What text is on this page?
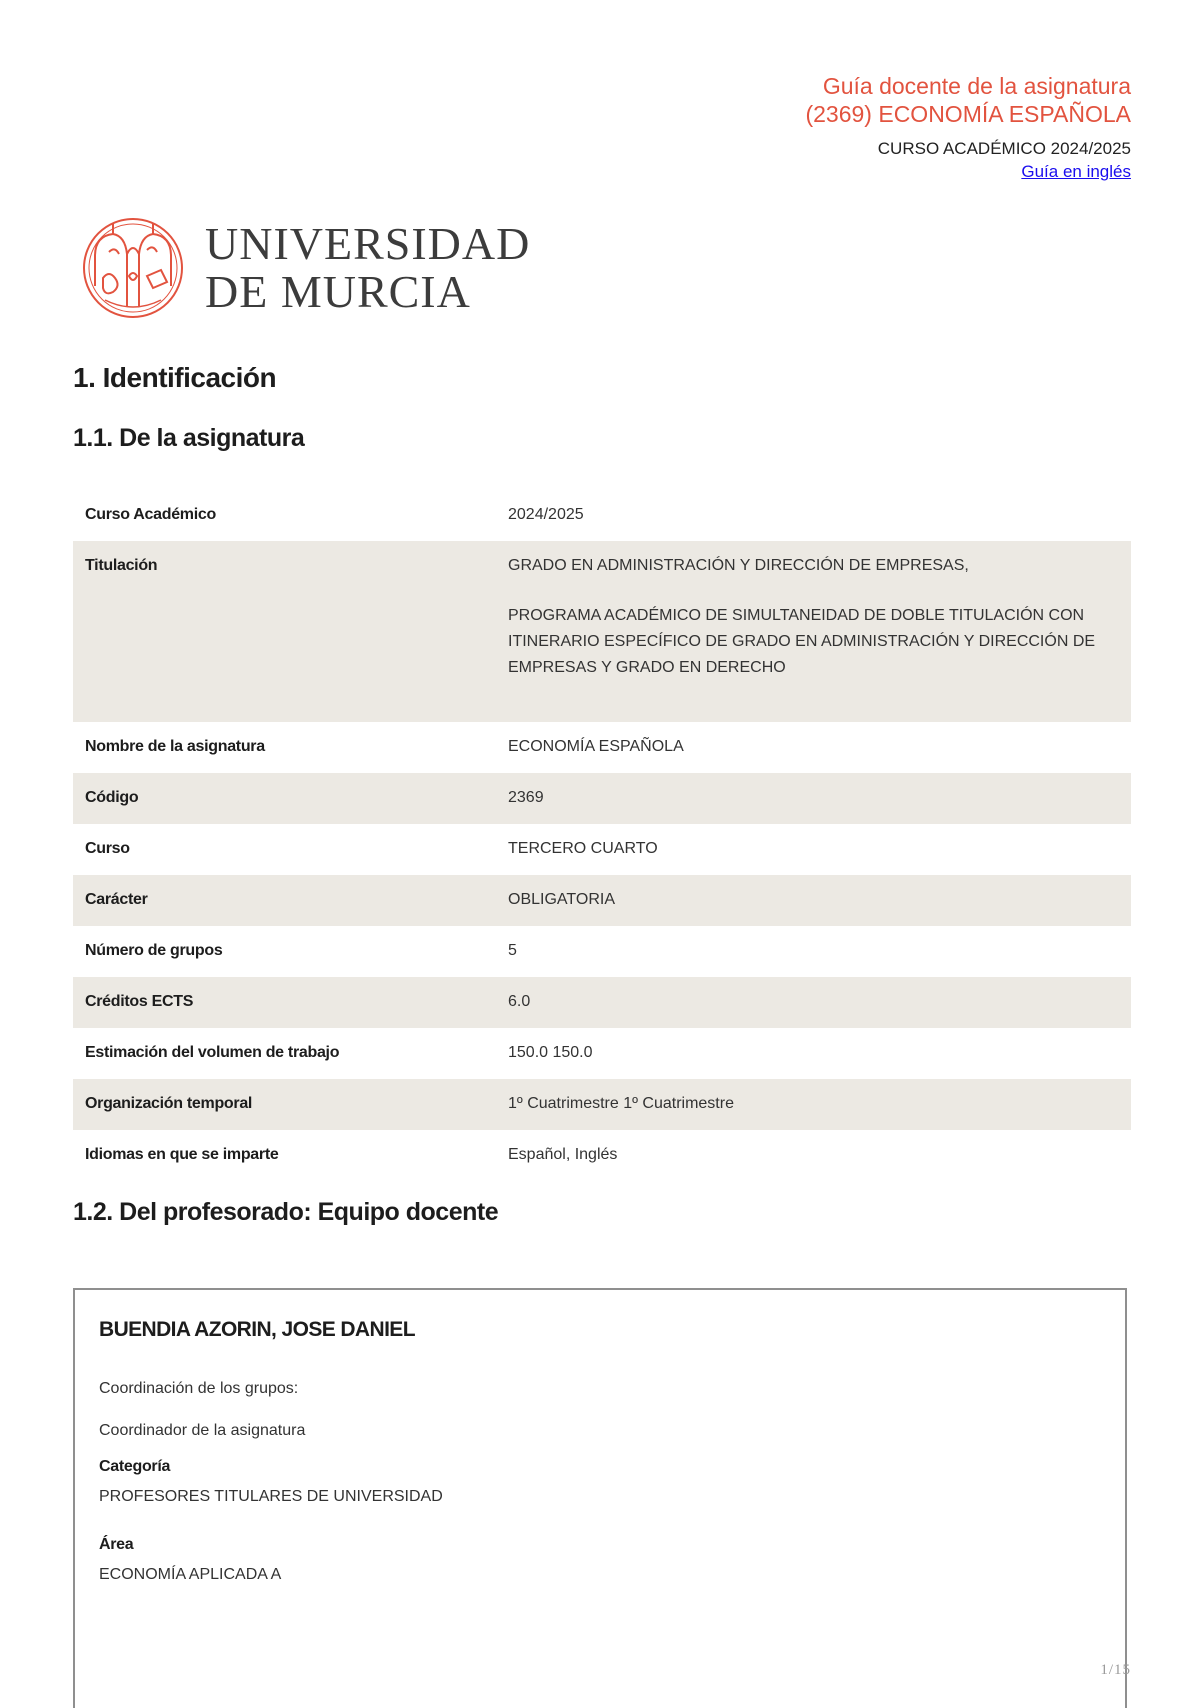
Guía docente de la asignatura
(2369) ECONOMÍA ESPAÑOLA
CURSO ACADÉMICO 2024/2025
Guía en inglés
UNIVERSIDAD
DE MURCIA
1. Identificación
1.1. De la asignatura
Curso Académico	2024/2025
Titulación	GRADO EN ADMINISTRACIÓN Y DIRECCIÓN DE EMPRESAS,
PROGRAMA ACADÉMICO DE SIMULTANEIDAD DE DOBLE TITULACIÓN CON ITINERARIO ESPECÍFICO DE GRADO EN ADMINISTRACIÓN Y DIRECCIÓN DE EMPRESAS Y GRADO EN DERECHO

Nombre de la asignatura	ECONOMÍA ESPAÑOLA
Código	2369
Curso	TERCERO CUARTO
Carácter	OBLIGATORIA
Número de grupos	5
Créditos ECTS	6.0
Estimación del volumen de trabajo	150.0 150.0
Organización temporal	1º Cuatrimestre 1º Cuatrimestre
Idiomas en que se imparte	Español, Inglés
1.2. Del profesorado: Equipo docente
BUENDIA AZORIN, JOSE DANIEL
Coordinación de los grupos:
Coordinador de la asignatura
Categoría
PROFESORES TITULARES DE UNIVERSIDAD
Área
ECONOMÍA APLICADA A
1/15
